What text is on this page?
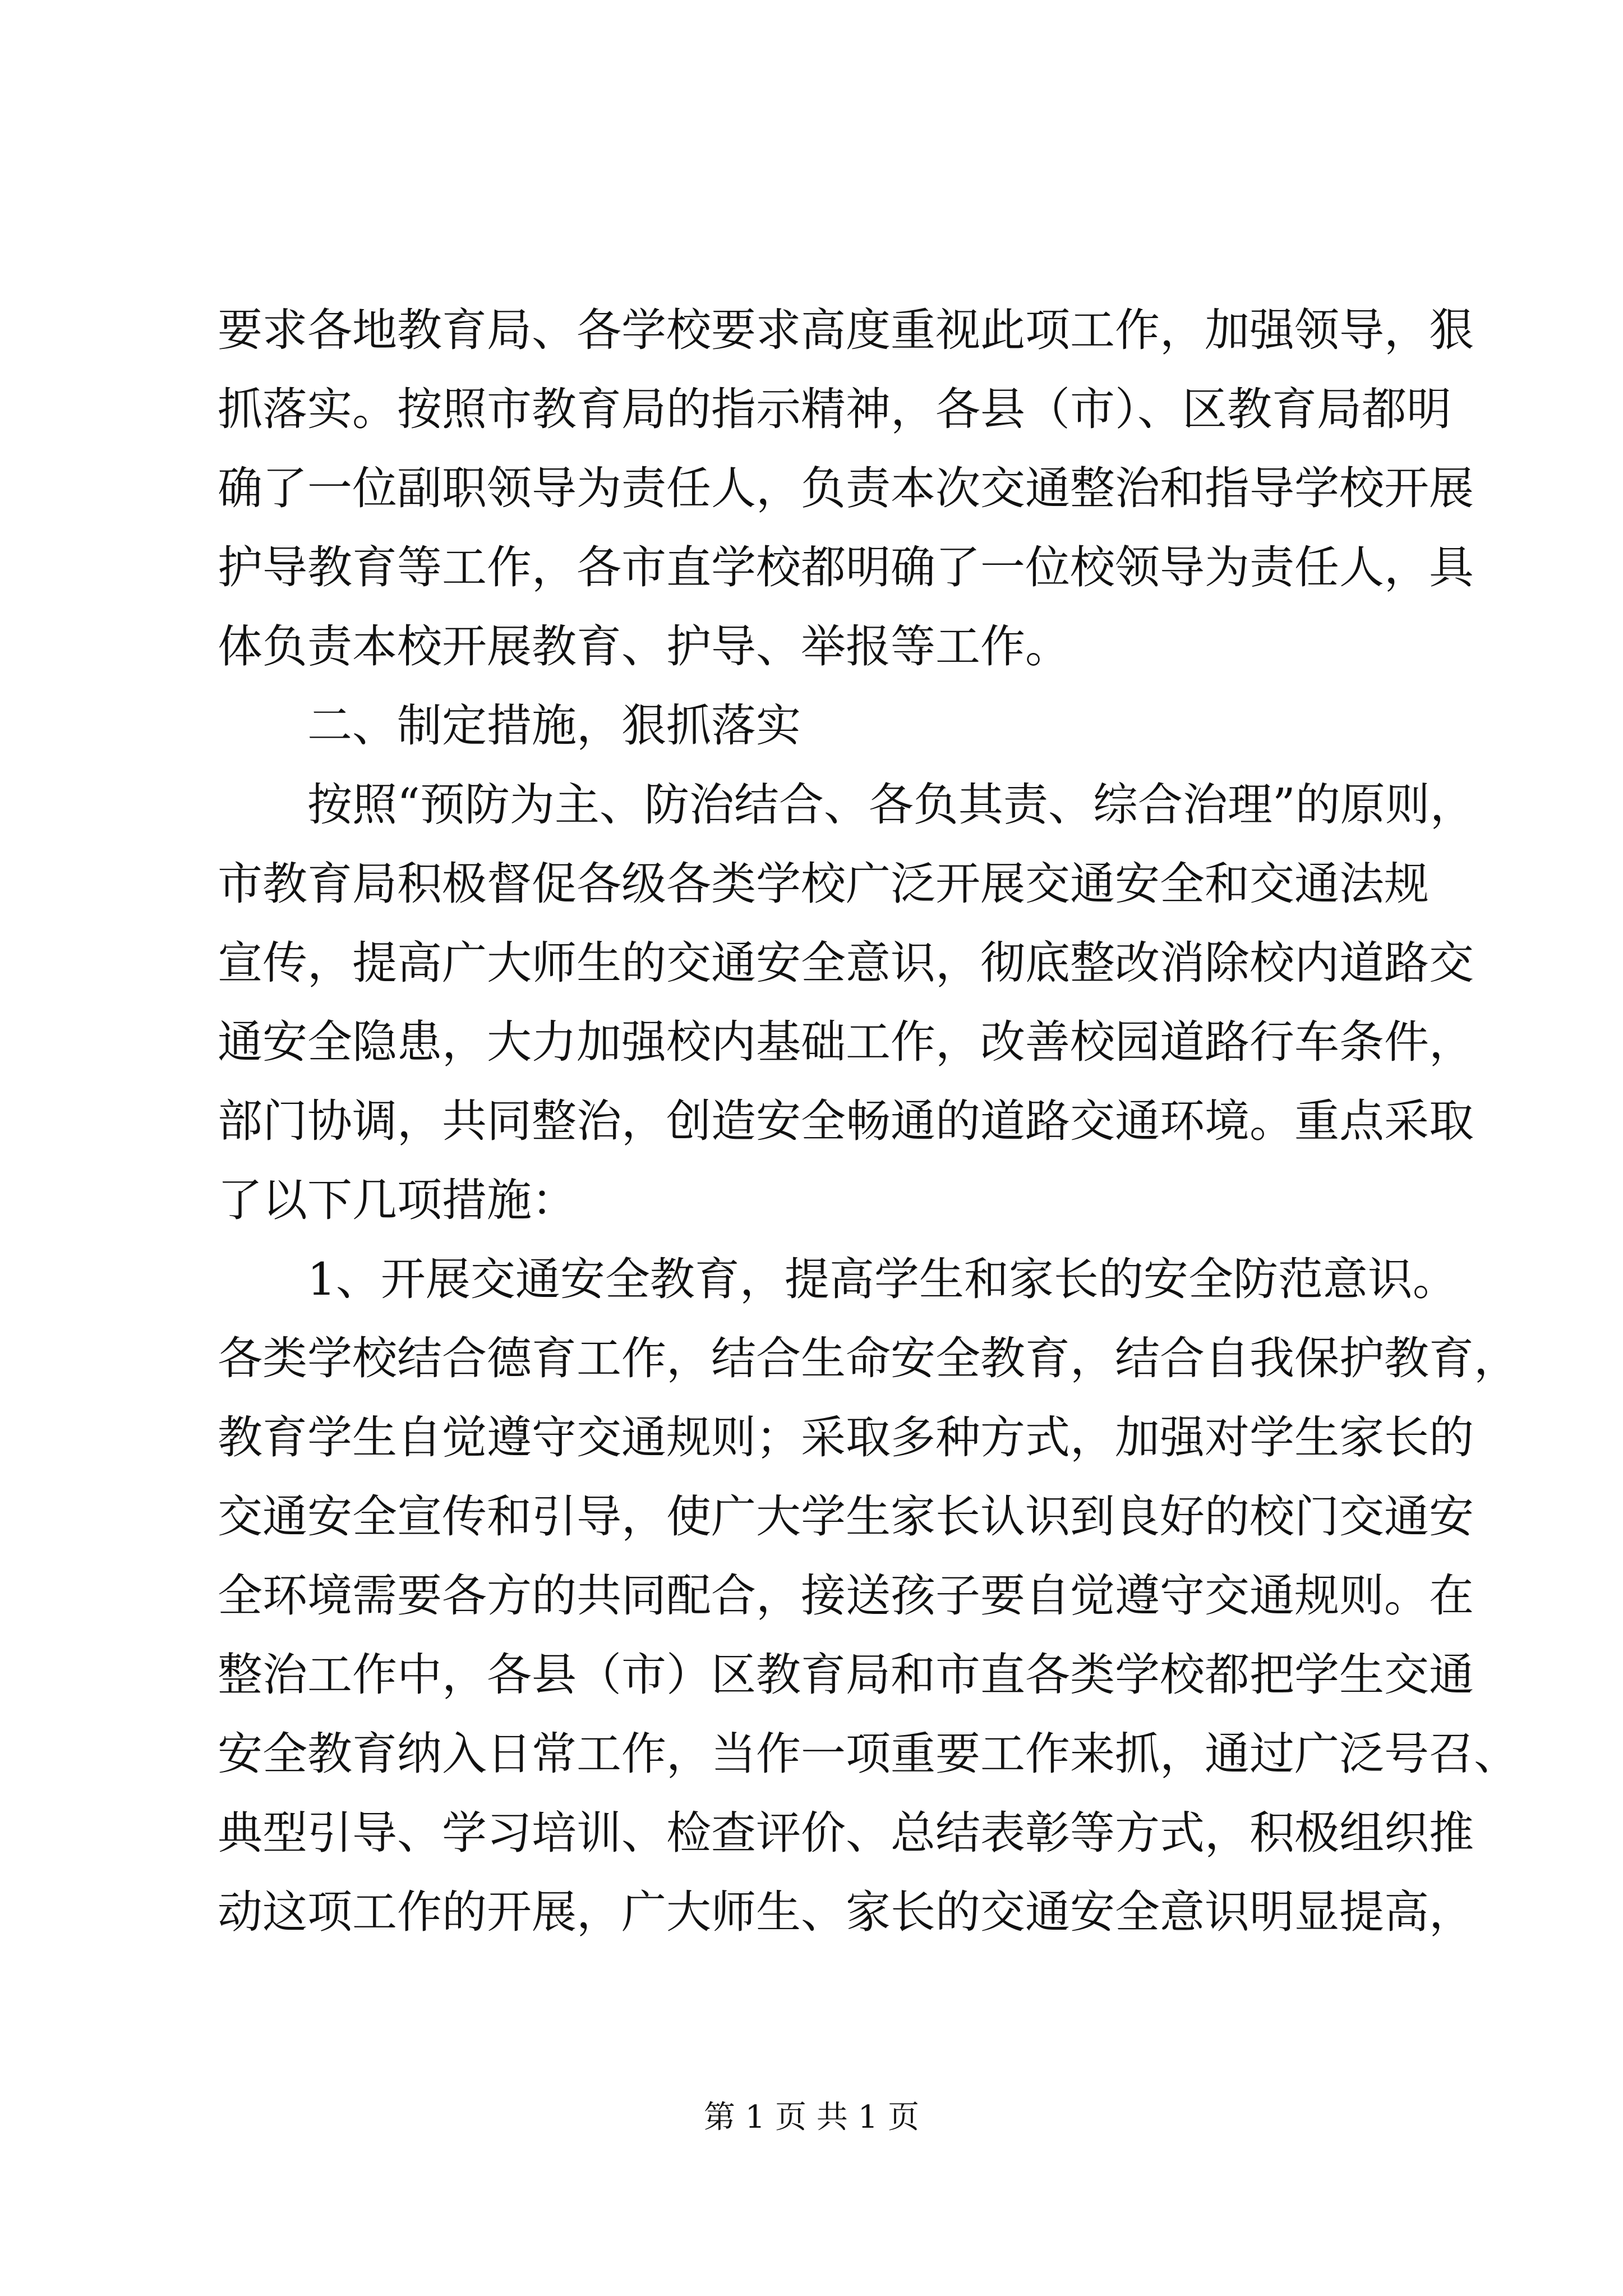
要求各地教育局、各学校要求高度重视此项工作，加强领导，狠
抓落实。按照市教育局的指示精神，各县（市）、区教育局都明
确了一位副职领导为责任人，负责本次交通整治和指导学校开展
护导教育等工作，各市直学校都明确了一位校领导为责任人，具
体负责本校开展教育、护导、举报等工作。
二、制定措施，狠抓落实
按照“预防为主、防治结合、各负其责、综合治理”的原则，
市教育局积极督促各级各类学校广泛开展交通安全和交通法规
宣传，提高广大师生的交通安全意识，彻底整改消除校内道路交
通安全隐患，大力加强校内基础工作，改善校园道路行车条件，
部门协调，共同整治，创造安全畅通的道路交通环境。重点采取
了以下几项措施：
1、开展交通安全教育，提高学生和家长的安全防范意识。
各类学校结合德育工作，结合生命安全教育，结合自我保护教育，
教育学生自觉遵守交通规则；采取多种方式，加强对学生家长的
交通安全宣传和引导，使广大学生家长认识到良好的校门交通安
全环境需要各方的共同配合，接送孩子要自觉遵守交通规则。在
整治工作中，各县（市）区教育局和市直各类学校都把学生交通
安全教育纳入日常工作，当作一项重要工作来抓，通过广泛号召、
典型引导、学习培训、检查评价、总结表彰等方式，积极组织推
动这项工作的开展，广大师生、家长的交通安全意识明显提高，
第 1 页 共 1 页
